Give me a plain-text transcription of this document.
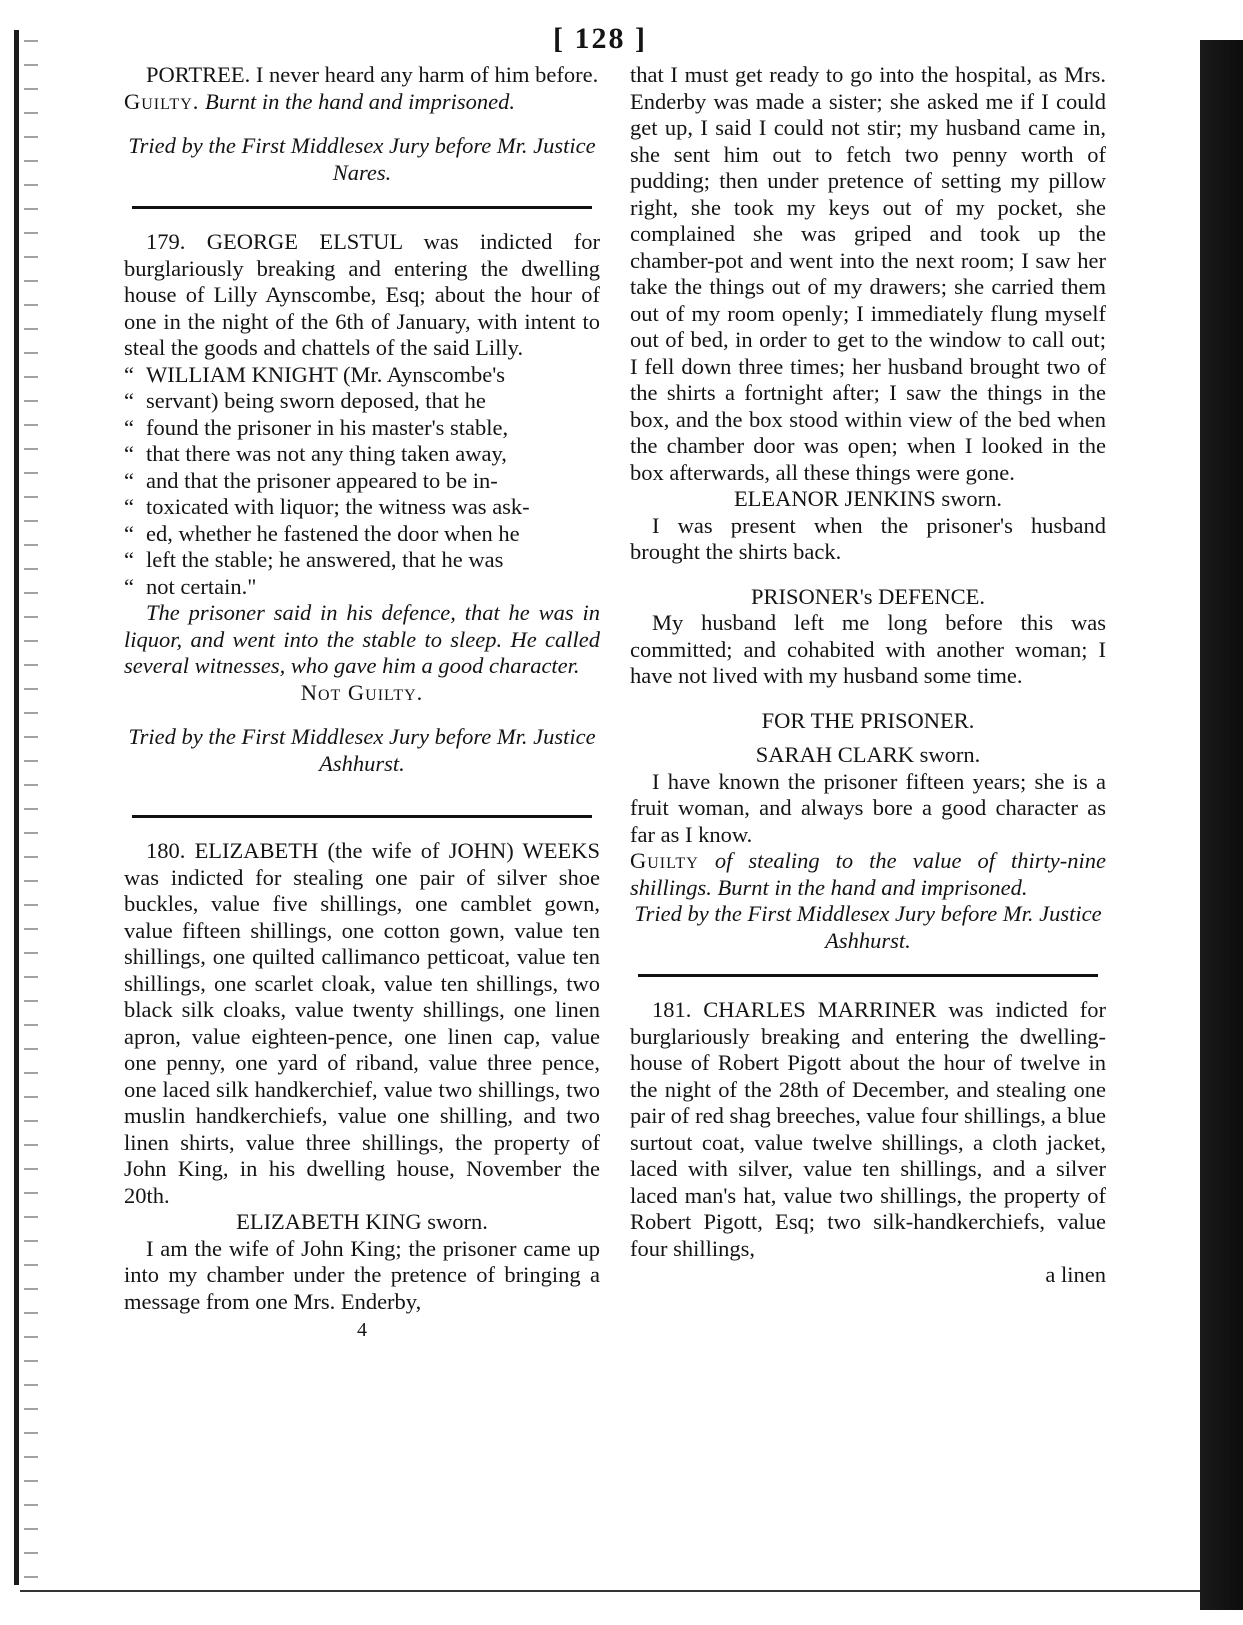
[ 128 ]

PORTREE. I never heard any harm of him before.

Guilty. Burnt in the hand and imprisoned.

Tried by the First Middlesex Jury before Mr. Justice Nares.

179. GEORGE ELSTUL was indicted for burglariously breaking and entering the dwelling house of Lilly Aynscombe, Esq; about the hour of one in the night of the 6th of January, with intent to steal the goods and chattels of the said Lilly.

“ WILLIAM KNIGHT (Mr. Aynscombe's
“ servant) being sworn deposed, that he
“ found the prisoner in his master's stable,
“ that there was not any thing taken away,
“ and that the prisoner appeared to be in-
“ toxicated with liquor; the witness was ask-
“ ed, whether he fastened the door when he
“ left the stable; he answered, that he was
“ not certain."

The prisoner said in his defence, that he was in liquor, and went into the stable to sleep. He called several witnesses, who gave him a good character.

Not Guilty.

Tried by the First Middlesex Jury before Mr. Justice Ashhurst.

180. ELIZABETH (the wife of JOHN) WEEKS was indicted for stealing one pair of silver shoe buckles, value five shillings, one camblet gown, value fifteen shillings, one cotton gown, value ten shillings, one quilted callimanco petticoat, value ten shillings, one scarlet cloak, value ten shillings, two black silk cloaks, value twenty shillings, one linen apron, value eighteen-pence, one linen cap, value one penny, one yard of riband, value three pence, one laced silk handkerchief, value two shillings, two muslin handkerchiefs, value one shilling, and two linen shirts, value three shillings, the property of John King, in his dwelling house, November the 20th.

ELIZABETH KING sworn.

I am the wife of John King; the prisoner came up into my chamber under the pretence of bringing a message from one Mrs. Enderby,

4

that I must get ready to go into the hospital, as Mrs. Enderby was made a sister; she asked me if I could get up, I said I could not stir; my husband came in, she sent him out to fetch two penny worth of pudding; then under pretence of setting my pillow right, she took my keys out of my pocket, she complained she was griped and took up the chamber-pot and went into the next room; I saw her take the things out of my drawers; she carried them out of my room openly; I immediately flung myself out of bed, in order to get to the window to call out; I fell down three times; her husband brought two of the shirts a fortnight after; I saw the things in the box, and the box stood within view of the bed when the chamber door was open; when I looked in the box afterwards, all these things were gone.

ELEANOR JENKINS sworn.

I was present when the prisoner's husband brought the shirts back.

PRISONER's DEFENCE.

My husband left me long before this was committed; and cohabited with another woman; I have not lived with my husband some time.

FOR THE PRISONER.

SARAH CLARK sworn.

I have known the prisoner fifteen years; she is a fruit woman, and always bore a good character as far as I know.

Guilty of stealing to the value of thirty-nine shillings. Burnt in the hand and imprisoned.

Tried by the First Middlesex Jury before Mr. Justice Ashhurst.

181. CHARLES MARRINER was indicted for burglariously breaking and entering the dwelling-house of Robert Pigott about the hour of twelve in the night of the 28th of December, and stealing one pair of red shag breeches, value four shillings, a blue surtout coat, value twelve shillings, a cloth jacket, laced with silver, value ten shillings, and a silver laced man's hat, value two shillings, the property of Robert Pigott, Esq; two silk-handkerchiefs, value four shillings,

a linen
